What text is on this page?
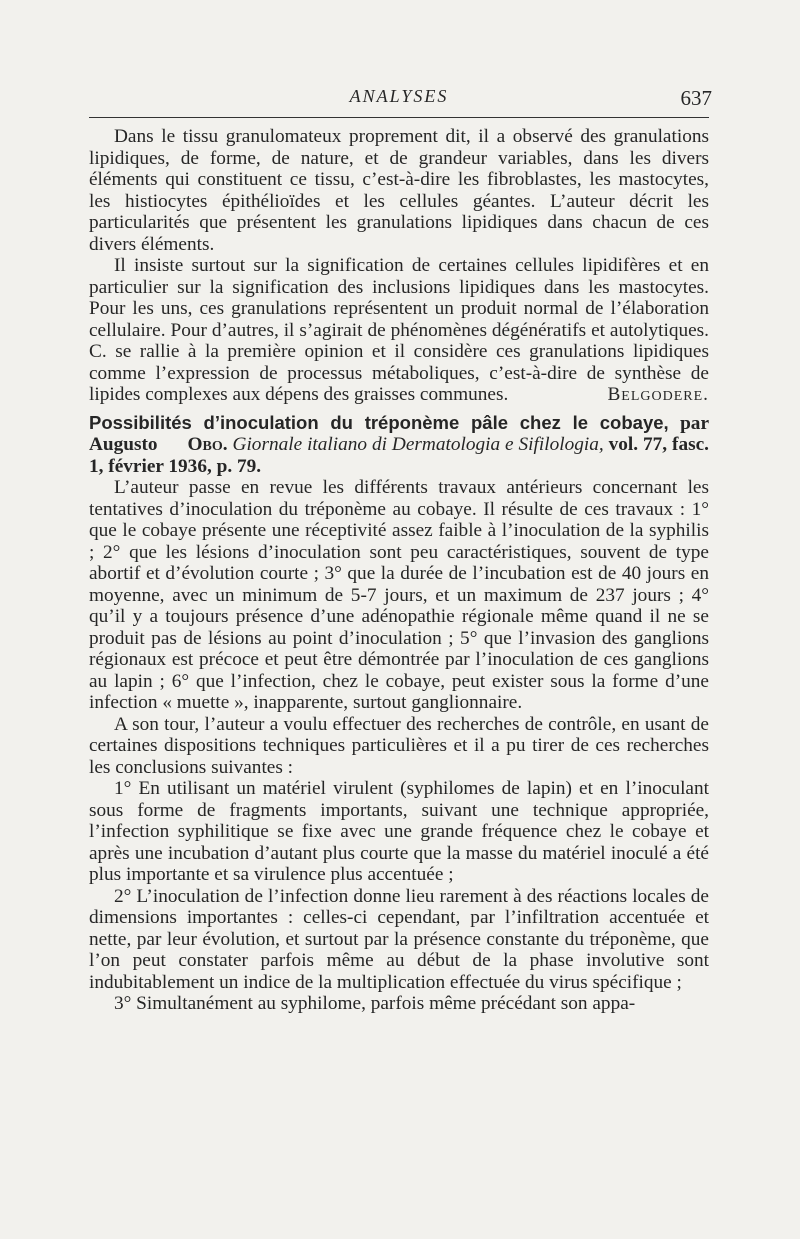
ANALYSES	637

Dans le tissu granulomateux proprement dit, il a observé des granulations lipidiques, de forme, de nature, et de grandeur variables, dans les divers éléments qui constituent ce tissu, c’est-à-dire les fibroblastes, les mastocytes, les histiocytes épithélioïdes et les cellules géantes. L’auteur décrit les particularités que présentent les granulations lipidiques dans chacun de ces divers éléments.

Il insiste surtout sur la signification de certaines cellules lipidifères et en particulier sur la signification des inclusions lipidiques dans les mastocytes. Pour les uns, ces granulations représentent un produit normal de l’élaboration cellulaire. Pour d’autres, il s’agirait de phénomènes dégénératifs et autolytiques. C. se rallie à la première opinion et il considère ces granulations lipidiques comme l’expression de processus métaboliques, c’est-à-dire de synthèse de lipides complexes aux dépens des graisses communes.	Belgodere.

Possibilités d’inoculation du tréponème pâle chez le cobaye, par Augusto Obo. Giornale italiano di Dermatologia e Sifilologia, vol. 77, fasc. 1, février 1936, p. 79.

L’auteur passe en revue les différents travaux antérieurs concernant les tentatives d’inoculation du tréponème au cobaye. Il résulte de ces travaux : 1° que le cobaye présente une réceptivité assez faible à l’inoculation de la syphilis ; 2° que les lésions d’inoculation sont peu caractéristiques, souvent de type abortif et d’évolution courte ; 3° que la durée de l’incubation est de 40 jours en moyenne, avec un minimum de 5-7 jours, et un maximum de 237 jours ; 4° qu’il y a toujours présence d’une adénopathie régionale même quand il ne se produit pas de lésions au point d’inoculation ; 5° que l’invasion des ganglions régionaux est précoce et peut être démontrée par l’inoculation de ces ganglions au lapin ; 6° que l’infection, chez le cobaye, peut exister sous la forme d’une infection « muette », inapparente, surtout ganglionnaire.

A son tour, l’auteur a voulu effectuer des recherches de contrôle, en usant de certaines dispositions techniques particulières et il a pu tirer de ces recherches les conclusions suivantes :

1° En utilisant un matériel virulent (syphilomes de lapin) et en l’inoculant sous forme de fragments importants, suivant une technique appropriée, l’infection syphilitique se fixe avec une grande fréquence chez le cobaye et après une incubation d’autant plus courte que la masse du matériel inoculé a été plus importante et sa virulence plus accentuée ;

2° L’inoculation de l’infection donne lieu rarement à des réactions locales de dimensions importantes : celles-ci cependant, par l’infiltration accentuée et nette, par leur évolution, et surtout par la présence constante du tréponème, que l’on peut constater parfois même au début de la phase involutive sont indubitablement un indice de la multiplication effectuée du virus spécifique ;

3° Simultanément au syphilome, parfois même précédant son appa-
